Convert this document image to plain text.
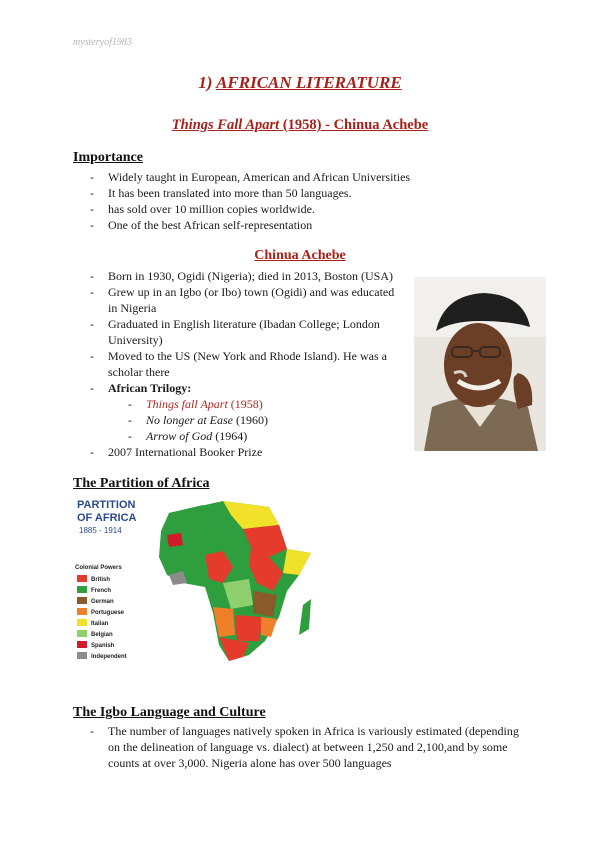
mysteryof1983
1) AFRICAN LITERATURE
Things Fall Apart (1958) - Chinua Achebe
Importance
- Widely taught in European, American and African Universities
- It has been translated into more than 50 languages.
- has sold over 10 million copies worldwide.
- One of the best African self-representation
Chinua Achebe
- Born in 1930, Ogidi (Nigeria); died in 2013, Boston (USA)
- Grew up in an Igbo (or Ibo) town (Ogidi) and was educated in Nigeria
- Graduated in English literature (Ibadan College; London University)
- Moved to the US (New York and Rhode Island). He was a scholar there
- African Trilogy:
- Things fall Apart (1958)
- No longer at Ease (1960)
- Arrow of God (1964)
- 2007 International Booker Prize
The Partition of Africa
PARTITION
OF AFRICA
1885 - 1914
Colonial Powers
British
French
German
Portuguese
Italian
Belgian
Spanish
Independent
The Igbo Language and Culture
- The number of languages natively spoken in Africa is variously estimated (depending on the delineation of language vs. dialect) at between 1,250 and 2,100,and by some counts at over 3,000. Nigeria alone has over 500 languages
